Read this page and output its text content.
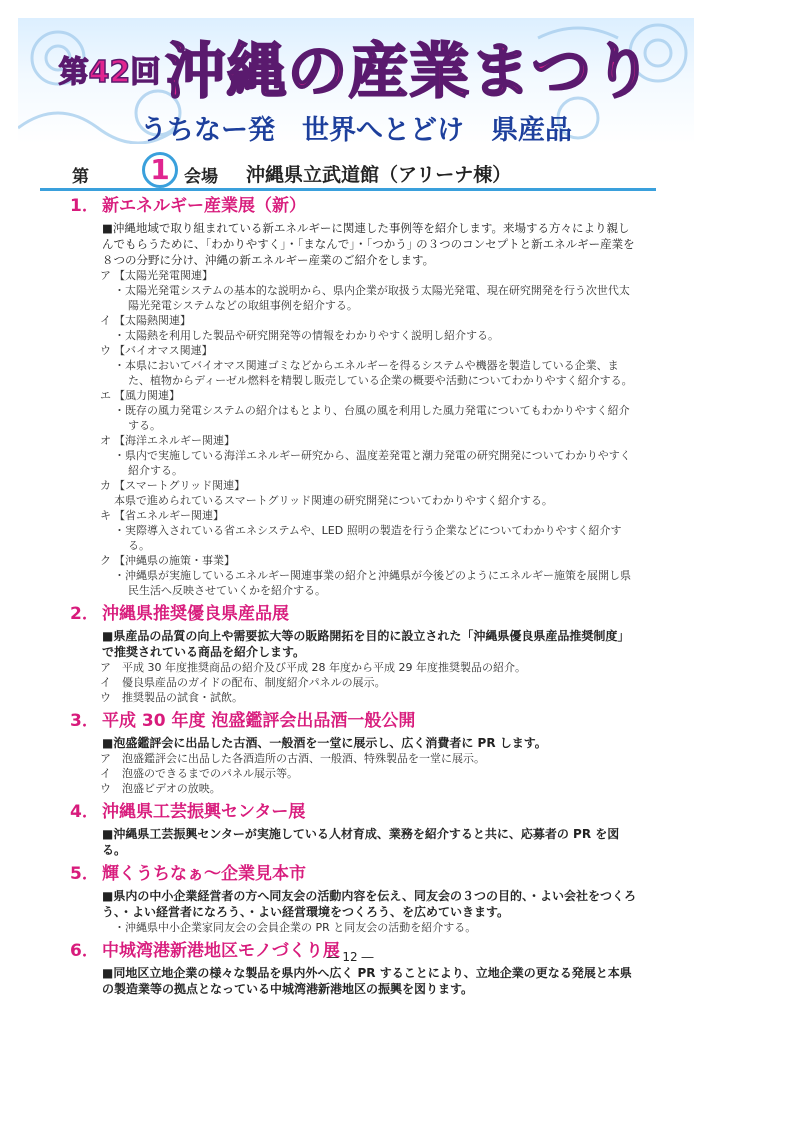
第42回 沖縄の産業まつり
うちなー発　世界へとどけ　県産品
第 1 会場 沖縄県立武道館（アリーナ棟）
1． 新エネルギー産業展（新）
■沖縄地域で取り組まれている新エネルギーに関連した事例等を紹介します。来場する方々により親しんでもらうために、｢わかりやすく｣・｢まなんで｣・｢つかう｣ の３つのコンセプトと新エネルギー産業を８つの分野に分け、沖縄の新エネルギー産業のご紹介をします。
ア 【太陽光発電関連】
・太陽光発電システムの基本的な説明から、県内企業が取扱う太陽光発電、現在研究開発を行う次世代太陽光発電システムなどの取組事例を紹介する。
イ 【太陽熱関連】
・太陽熱を利用した製品や研究開発等の情報をわかりやすく説明し紹介する。
ウ 【バイオマス関連】
・本県においてバイオマス関連ゴミなどからエネルギーを得るシステムや機器を製造している企業、また、植物からディーゼル燃料を精製し販売している企業の概要や活動についてわかりやすく紹介する。
エ 【風力関連】
・既存の風力発電システムの紹介はもとより、台風の風を利用した風力発電についてもわかりやすく紹介する。
オ 【海洋エネルギー関連】
・県内で実施している海洋エネルギー研究から、温度差発電と潮力発電の研究開発についてわかりやすく紹介する。
カ 【スマートグリッド関連】
本県で進められているスマートグリッド関連の研究開発についてわかりやすく紹介する。
キ 【省エネルギー関連】
・実際導入されている省エネシステムや、LED 照明の製造を行う企業などについてわかりやすく紹介する。
ク 【沖縄県の施策・事業】
・沖縄県が実施しているエネルギー関連事業の紹介と沖縄県が今後どのようにエネルギー施策を展開し県民生活へ反映させていくかを紹介する。
2． 沖縄県推奨優良県産品展
■県産品の品質の向上や需要拡大等の販路開拓を目的に設立された「沖縄県優良県産品推奨制度」で推奨されている商品を紹介します。
ア 平成 30 年度推奨商品の紹介及び平成 28 年度から平成 29 年度推奨製品の紹介。
イ 優良県産品のガイドの配布、制度紹介パネルの展示。
ウ 推奨製品の試食・試飲。
3． 平成 30 年度 泡盛鑑評会出品酒一般公開
■泡盛鑑評会に出品した古酒、一般酒を一堂に展示し、広く消費者に PR します。
ア 泡盛鑑評会に出品した各酒造所の古酒、一般酒、特殊製品を一堂に展示。
イ 泡盛のできるまでのパネル展示等。
ウ 泡盛ビデオの放映。
4． 沖縄県工芸振興センター展
■沖縄県工芸振興センターが実施している人材育成、業務を紹介すると共に、応募者の PR を図る。
5． 輝くうちなぁ～企業見本市
■県内の中小企業経営者の方へ同友会の活動内容を伝え、同友会の３つの目的、・よい会社をつくろう、・よい経営者になろう、・よい経営環境をつくろう、を広めていきます。
・沖縄県中小企業家同友会の会員企業の PR と同友会の活動を紹介する。
6． 中城湾港新港地区モノづくり展
■同地区立地企業の様々な製品を県内外へ広く PR することにより、立地企業の更なる発展と本県の製造業等の拠点となっている中城湾港新港地区の振興を図ります。
― 12 ―
